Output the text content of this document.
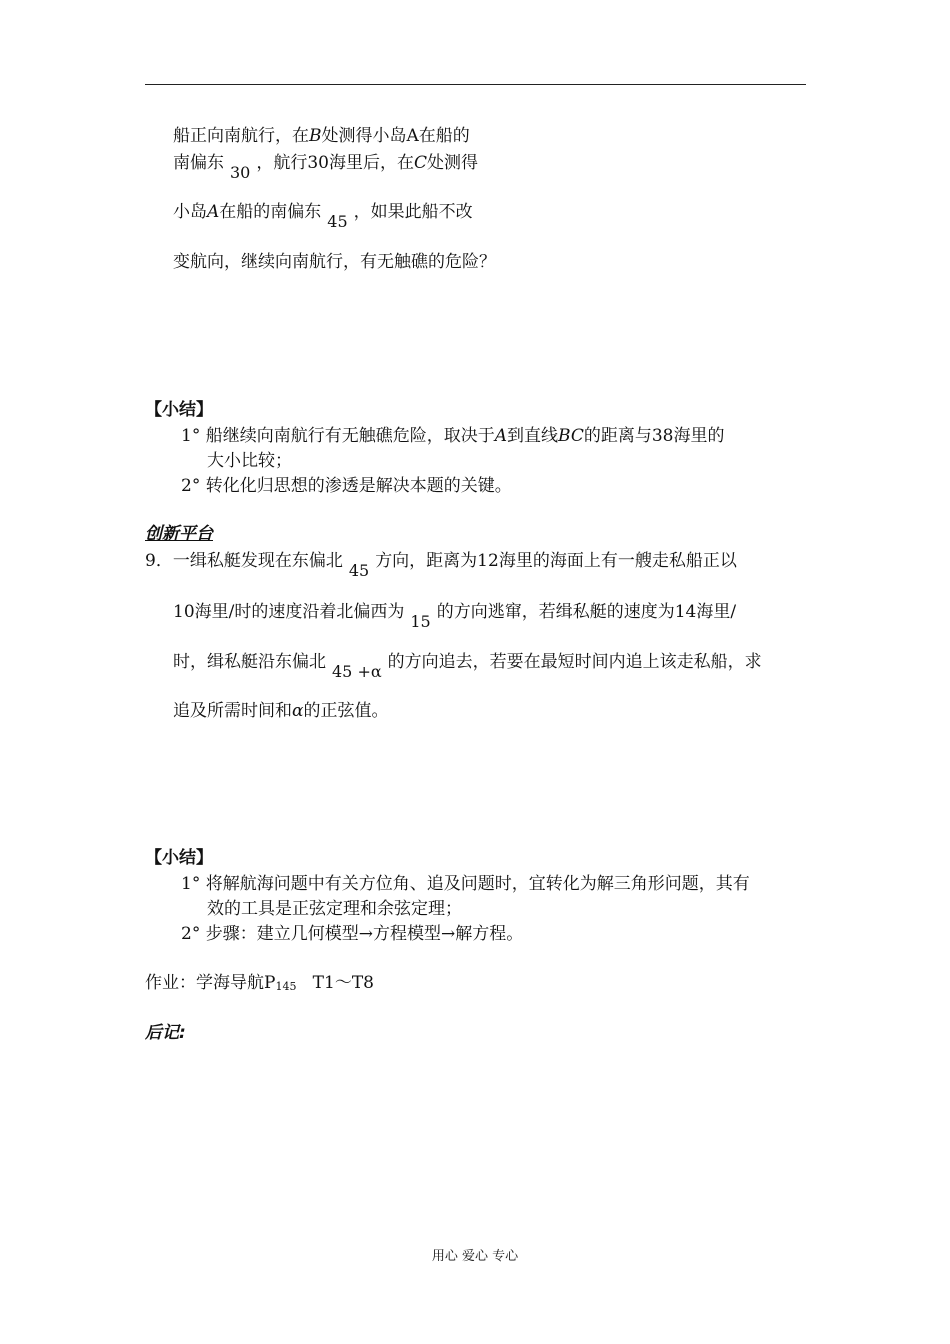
船正向南航行，在B处测得小岛A在船的
南偏东 30 ，航行30海里后，在C处测得
小岛A在船的南偏东 45 ，如果此船不改
变航向，继续向南航行，有无触礁的危险？
【小结】
1° 船继续向南航行有无触礁危险，取决于A到直线BC的距离与38海里的
大小比较；
2° 转化化归思想的渗透是解决本题的关键。
创新平台
9．一缉私艇发现在东偏北 45 方向，距离为12海里的海面上有一艘走私船正以
10海里/时的速度沿着北偏西为 15 的方向逃窜，若缉私艇的速度为14海里/
时，缉私艇沿东偏北 45 +α 的方向追去，若要在最短时间内追上该走私船，求
追及所需时间和α的正弦值。
【小结】
1° 将解航海问题中有关方位角、追及问题时，宜转化为解三角形问题，其有
效的工具是正弦定理和余弦定理；
2° 步骤：建立几何模型→方程模型→解方程。
作业：学海导航P145   T1～T8
后记:
用心 爱心 专心
